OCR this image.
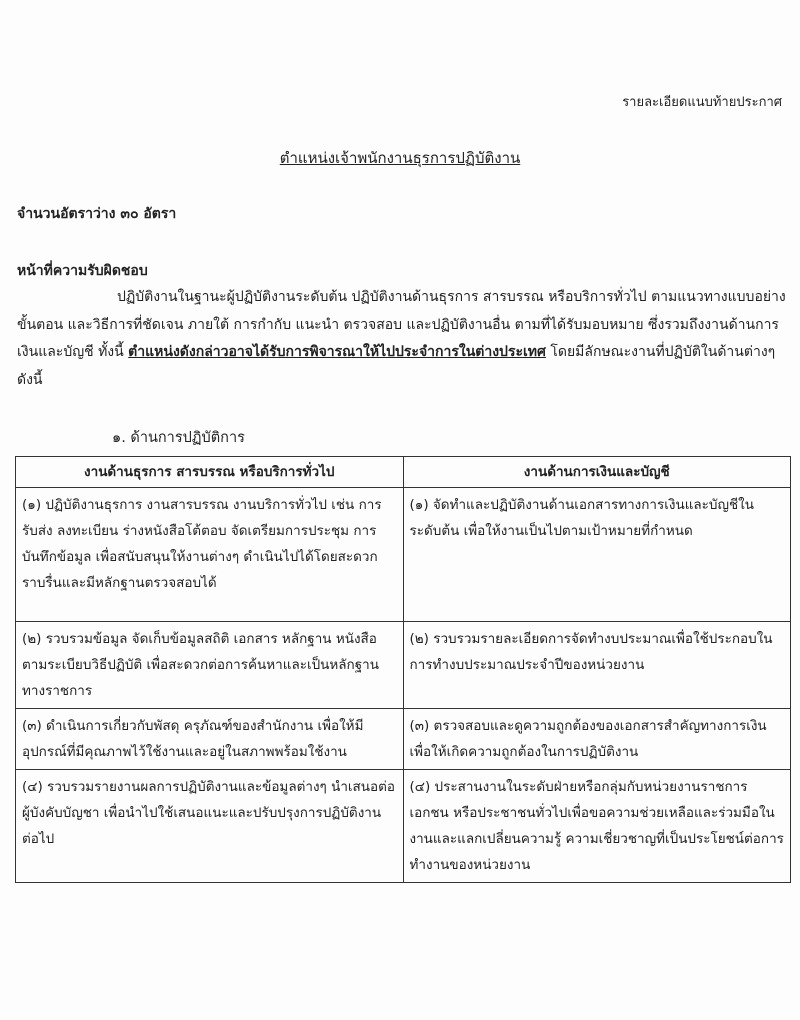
รายละเอียดแนบท้ายประกาศ
ตำแหน่งเจ้าพนักงานธุรการปฏิบัติงาน
จำนวนอัตราว่าง ๓๐ อัตรา
หน้าที่ความรับผิดชอบ
ปฏิบัติงานในฐานะผู้ปฏิบัติงานระดับต้น ปฏิบัติงานด้านธุรการ สารบรรณ หรือบริการทั่วไป ตามแนวทางแบบอย่าง ขั้นตอน และวิธีการที่ชัดเจน ภายใต้ การกำกับ แนะนำ ตรวจสอบ และปฏิบัติงานอื่น ตามที่ได้รับมอบหมาย ซึ่งรวมถึงงานด้านการเงินและบัญชี ทั้งนี้ ตำแหน่งดังกล่าวอาจได้รับการพิจารณาให้ไปประจำการในต่างประเทศ โดยมีลักษณะงานที่ปฏิบัติในด้านต่างๆ ดังนี้
๑. ด้านการปฏิบัติการ
งานด้านธุรการ สารบรรณ หรือบริการทั่วไป	งานด้านการเงินและบัญชี
(๑) ปฏิบัติงานธุรการ งานสารบรรณ งานบริการทั่วไป เช่น การรับส่ง ลงทะเบียน ร่างหนังสือโต้ตอบ จัดเตรียมการประชุม การบันทึกข้อมูล เพื่อสนับสนุนให้งานต่างๆ ดำเนินไปได้โดยสะดวกราบรื่นและมีหลักฐานตรวจสอบได้	(๑) จัดทำและปฏิบัติงานด้านเอกสารทางการเงินและบัญชีในระดับต้น เพื่อให้งานเป็นไปตามเป้าหมายที่กำหนด
(๒) รวบรวมข้อมูล จัดเก็บข้อมูลสถิติ เอกสาร หลักฐาน หนังสือ ตามระเบียบวิธีปฏิบัติ เพื่อสะดวกต่อการค้นหาและเป็นหลักฐานทางราชการ	(๒) รวบรวมรายละเอียดการจัดทำงบประมาณเพื่อใช้ประกอบในการทำงบประมาณประจำปีของหน่วยงาน
(๓) ดำเนินการเกี่ยวกับพัสดุ ครุภัณฑ์ของสำนักงาน เพื่อให้มีอุปกรณ์ที่มีคุณภาพไว้ใช้งานและอยู่ในสภาพพร้อมใช้งาน	(๓) ตรวจสอบและดูความถูกต้องของเอกสารสำคัญทางการเงิน เพื่อให้เกิดความถูกต้องในการปฏิบัติงาน
(๔) รวบรวมรายงานผลการปฏิบัติงานและข้อมูลต่างๆ นำเสนอต่อผู้บังคับบัญชา เพื่อนำไปใช้เสนอแนะและปรับปรุงการปฏิบัติงานต่อไป	(๔) ประสานงานในระดับฝ่ายหรือกลุ่มกับหน่วยงานราชการ เอกชน หรือประชาชนทั่วไปเพื่อขอความช่วยเหลือและร่วมมือในงานและแลกเปลี่ยนความรู้ ความเชี่ยวชาญที่เป็นประโยชน์ต่อการทำงานของหน่วยงาน
